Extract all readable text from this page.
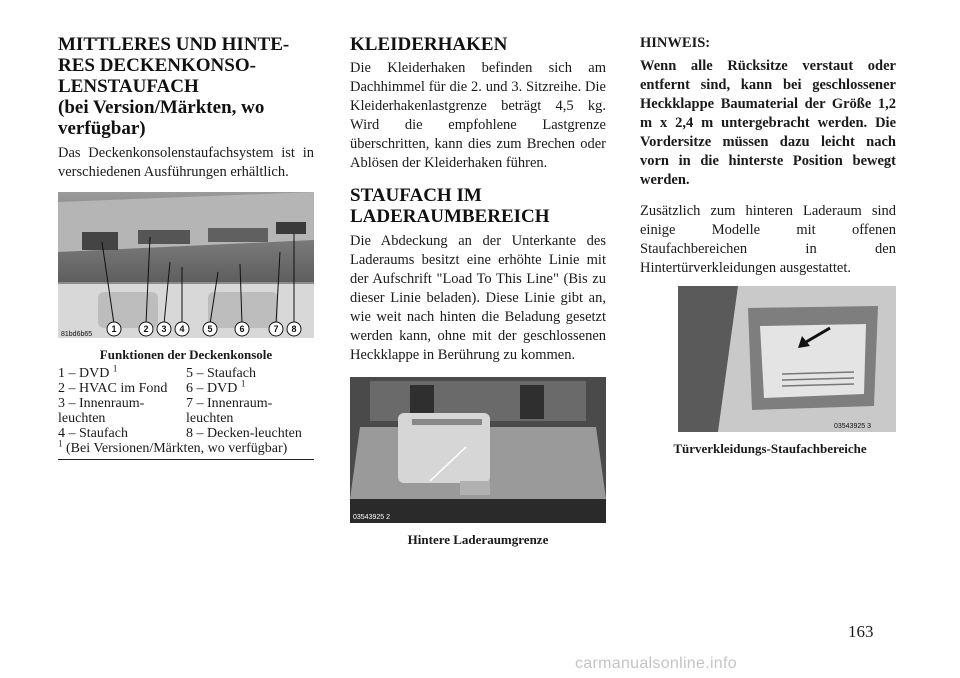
MITTLERES UND HINTE-
RES DECKENKONSO-
LENSTAUFACH
(bei Version/Märkten, wo
verfügbar)

Das Deckenkonsolenstaufachsystem ist in verschiedenen Ausführungen erhältlich.

1	2 3 4	5	6	7 8
81bd6b65
Funktionen der Deckenkonsole
1 – DVD $^1$	5 – Staufach
2 – HVAC im Fond	6 – DVD $^1$
3 – Innenraum-leuchten	7 – Innenraum-leuchten
4 – Staufach	8 – Decken-leuchten
$^1$ (Bei Versionen/Märkten, wo verfügbar)
KLEIDERHAKEN

Die Kleiderhaken befinden sich am Dachhimmel für die 2. und 3. Sitzreihe. Die Kleiderhakenlastgrenze beträgt 4,5 kg. Wird die empfohlene Lastgrenze überschritten, kann dies zum Brechen oder Ablösen der Kleiderhaken führen.

STAUFACH IM
LADERAUMBEREICH

Die Abdeckung an der Unterkante des Laderaums besitzt eine erhöhte Linie mit der Aufschrift "Load To This Line" (Bis zu dieser Linie beladen). Diese Linie gibt an, wie weit nach hinten die Beladung gesetzt werden kann, ohne mit der geschlossenen Heckklappe in Berührung zu kommen.

03543925 2
Hintere Laderaumgrenze

HINWEIS:

Wenn alle Rücksitze verstaut oder entfernt sind, kann bei geschlossener Heckklappe Baumaterial der Größe 1,2 m x 2,4 m untergebracht werden. Die Vordersitze müssen dazu leicht nach vorn in die hinterste Position bewegt werden.

Zusätzlich zum hinteren Laderaum sind einige Modelle mit offenen Staufachbereichen in den Hintertürverkleidungen ausgestattet.

03543925 3
Türverkleidungs-Staufachbereiche
163
carmanualsonline.info
